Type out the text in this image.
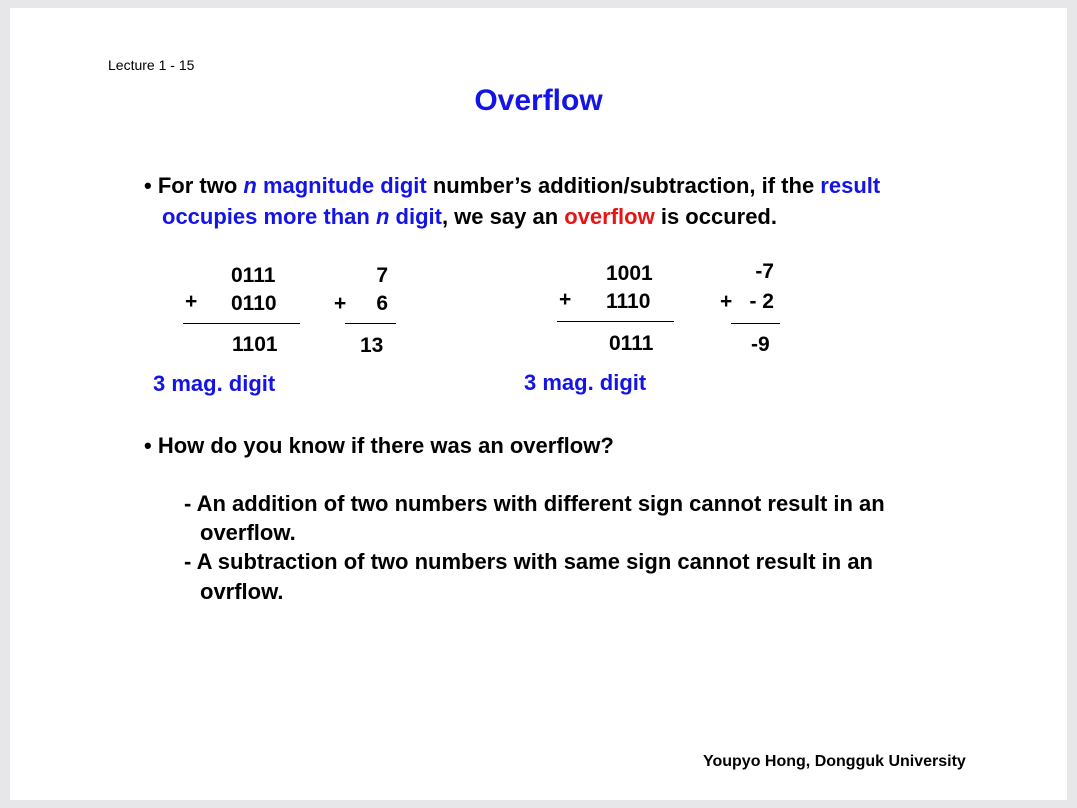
Lecture 1 - 15
Overflow
• For two n magnitude digit number’s addition/subtraction, if the result
occupies more than n digit, we say an overflow is occured.
0111
+ 0110
1101
7
+	6
13
3 mag. digit
1001
+ 1110
0111
-7
+ - 2
-9
3 mag. digit
• How do you know if there was an overflow?
- An addition of two numbers with different sign cannot result in an
overflow.
- A subtraction of two numbers with same sign cannot result in an
ovrflow.
Youpyo Hong, Dongguk University
